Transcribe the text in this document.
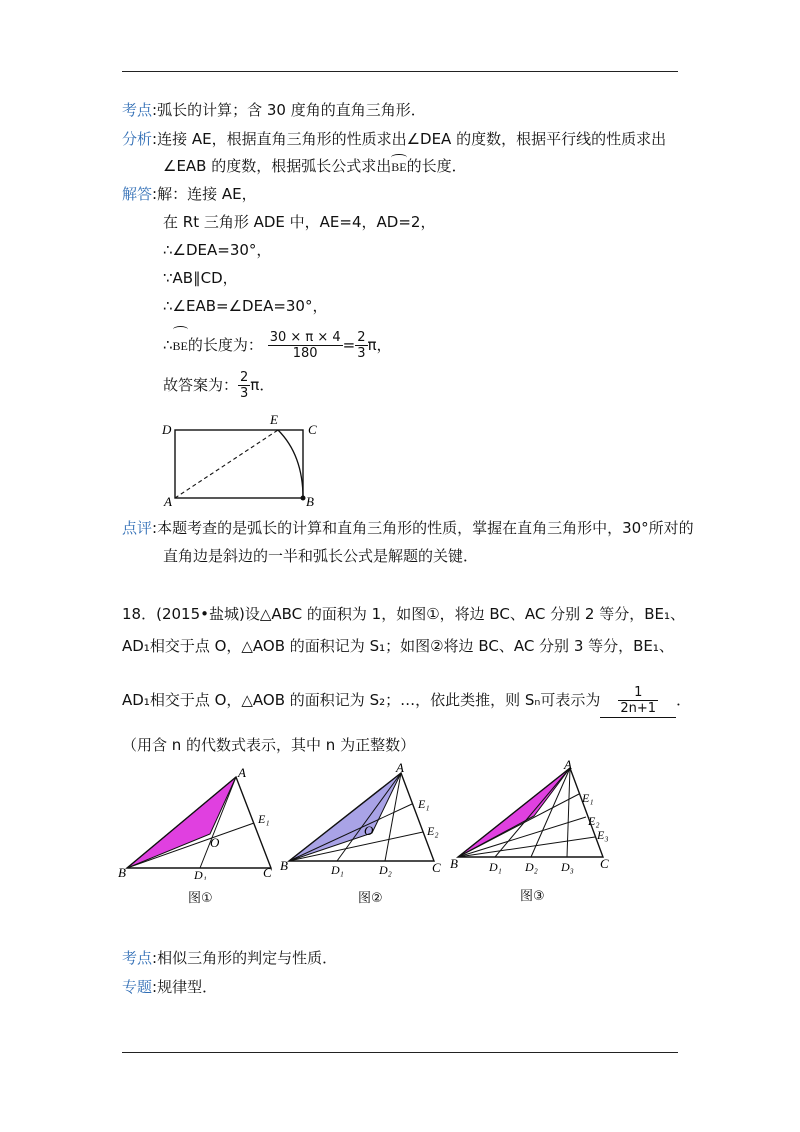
考点:弧长的计算；含 30 度角的直角三角形．
分析:连接 AE，根据直角三角形的性质求出∠DEA 的度数，根据平行线的性质求出
∠EAB 的度数，根据弧长公式求出BE的长度．
解答:解：连接 AE，
在 Rt 三角形 ADE 中，AE=4，AD=2，
∴∠DEA=30°，
∵AB∥CD，
∴∠EAB=∠DEA=30°，
∴BE的长度为： $\frac{30 \times \pi \times 4}{180} = \frac{2}{3}$ π，
故答案为： $\frac{2}{3}$ π．
D
E
C
A	B
点评:本题考查的是弧长的计算和直角三角形的性质，掌握在直角三角形中，30°所对的
直角边是斜边的一半和弧长公式是解题的关键．
18．(2015•盐城)设△ABC 的面积为 1，如图①，将边 BC、AC 分别 2 等分，BE₁、
AD₁相交于点 O，△AOB 的面积记为 S₁；如图②将边 BC、AC 分别 3 等分，BE₁、
AD₁相交于点 O，△AOB 的面积记为 S₂；…，依此类推，则 Sₙ可表示为 $\frac{1}{2n+1}$ ．
（用含 n 的代数式表示，其中 n 为正整数）
A
E₁
O
B	D₁	C
图①
A
E₁
E₂
O
B	D₁	D₂	C
图②
A
E₁
E₂
E₃
B	D₁ D₂ D₃ C
图③
考点:相似三角形的判定与性质．
专题:规律型．
